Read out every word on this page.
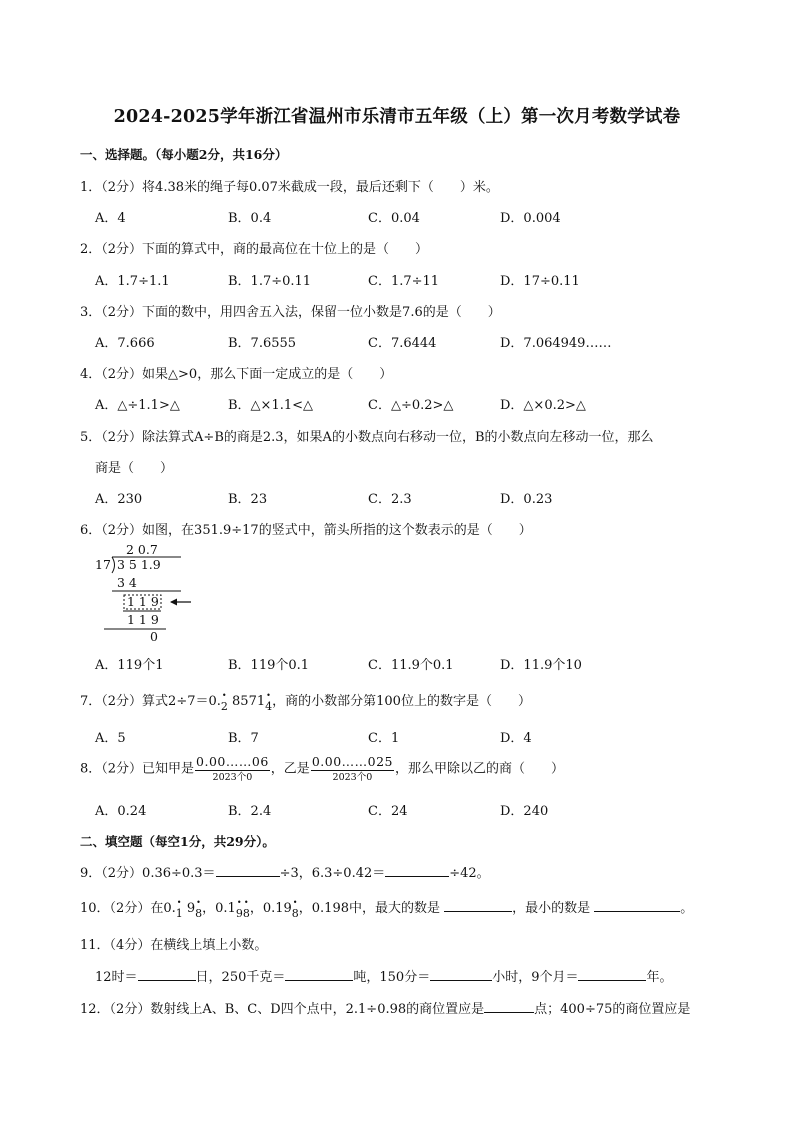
2024-2025学年浙江省温州市乐清市五年级（上）第一次月考数学试卷
一、选择题。（每小题2分，共16分）
1．（2分）将4.38米的绳子每0.07米截成一段，最后还剩下（　　）米。
A．4	B．0.4	C．0.04	D．0.004
2．（2分）下面的算式中，商的最高位在十位上的是（　　）
A．1.7÷1.1	B．1.7÷0.11	C．1.7÷11	D．17÷0.11
3．（2分）下面的数中，用四舍五入法，保留一位小数是7.6的是（　　）
A．7.666	B．7.6555	C．7.6444	D．7.064949……
4．（2分）如果△>0，那么下面一定成立的是（　　）
A．△÷1.1>△	B．△×1.1<△	C．△÷0.2>△	D．△×0.2>△
5．（2分）除法算式A÷B的商是2.3，如果A的小数点向右移动一位，B的小数点向左移动一位，那么
商是（　　）
A．230	B．23	C．2.3	D．0.23
6．（2分）如图，在351.9÷17的竖式中，箭头所指的这个数表示的是（　　）
2 0.7
17 3 5 1.9
3 4
1 1 9
1 1 9
0
A．119个1	B．119个0.1	C．11.9个0.1	D．11.9个10
7．（2分）算式2÷7＝0.• 2 8571• 4，商的小数部分第100位上的数字是（　　）
A．5	B．7	C．1	D．4
8．（2分）已知甲是 $\frac{0.00\dots\dots 06}{\text{2023个0}}$ ，乙是 $\frac{0.00\dots\dots 025}{\text{2023个0}}$ ，那么甲除以乙的商（　　）
A．0.24	B．2.4	C．24	D．240
二、填空题（每空1分，共29分）。
9．（2分）0.36÷0.3＝	÷3，6.3÷0.42＝	÷42。
10．（2分）在0.• 1 9• 8，0.1• 9• 8，0.19• 8，0.198中，最大的数是	，最小的数是	。
11．（4分）在横线上填上小数。
12时＝	日，250千克＝	吨，150分＝	小时，9个月＝	年。
12．（2分）数射线上A、B、C、D四个点中，2.1÷0.98的商位置应是	点；400÷75的商位置应是
